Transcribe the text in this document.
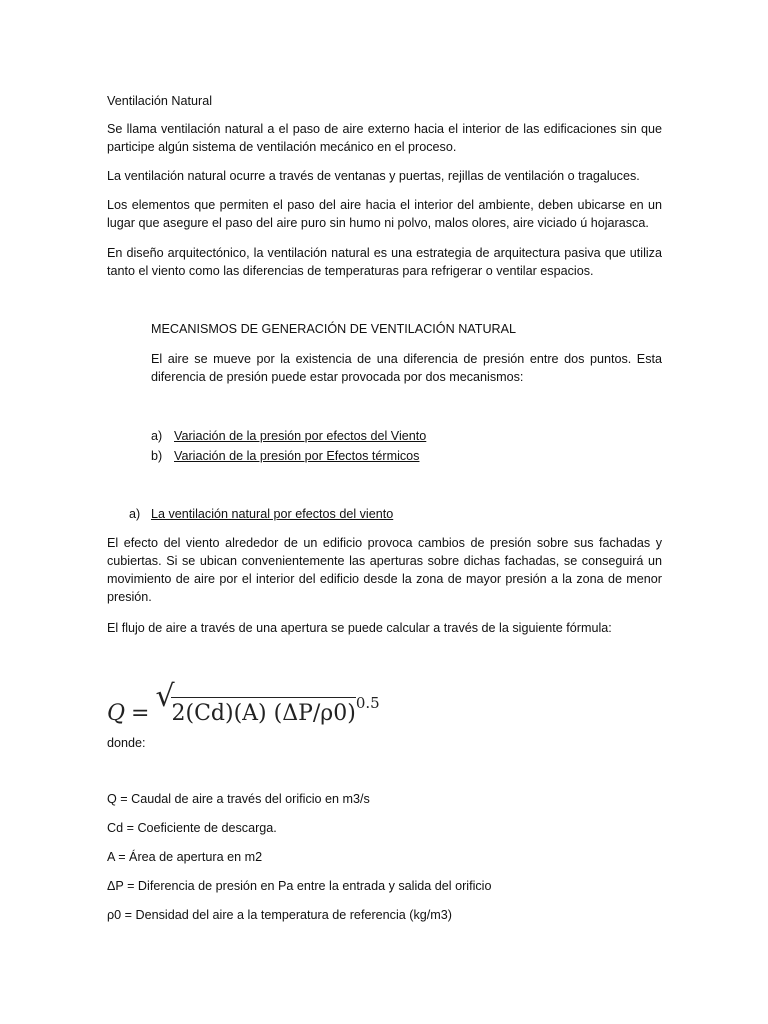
Ventilación Natural

Se llama ventilación natural a el paso de aire externo hacia el interior de las edificaciones sin que participe algún sistema de ventilación mecánico en el proceso.

La ventilación natural ocurre a través de ventanas y puertas, rejillas de ventilación o tragaluces.

Los elementos que permiten el paso del aire hacia el interior del ambiente, deben ubicarse en un lugar que asegure el paso del aire puro sin humo ni polvo, malos olores, aire viciado ú hojarasca.

En diseño arquitectónico, la ventilación natural es una estrategia de arquitectura pasiva que utiliza tanto el viento como las diferencias de temperaturas para refrigerar o ventilar espacios.

MECANISMOS DE GENERACIÓN DE VENTILACIÓN NATURAL

El aire se mueve por la existencia de una diferencia de presión entre dos puntos. Esta diferencia de presión puede estar provocada por dos mecanismos:

a) Variación de la presión por efectos del Viento
b) Variación de la presión por Efectos térmicos
a) La ventilación natural por efectos del viento

El efecto del viento alrededor de un edificio provoca cambios de presión sobre sus fachadas y cubiertas. Si se ubican convenientemente las aperturas sobre dichas fachadas, se conseguirá un movimiento de aire por el interior del edificio desde la zona de mayor presión a la zona de menor presión.

El flujo de aire a través de una apertura se puede calcular a través de la siguiente fórmula:

Q = √
2(Cd)(A) $(\Delta P/\rho 0)^{0.5}$

donde:

Q = Caudal de aire a través del orificio en m3/s

Cd = Coeficiente de descarga.

A = Área de apertura en m2

ΔP = Diferencia de presión en Pa entre la entrada y salida del orificio

ρ0 = Densidad del aire a la temperatura de referencia (kg/m3)
